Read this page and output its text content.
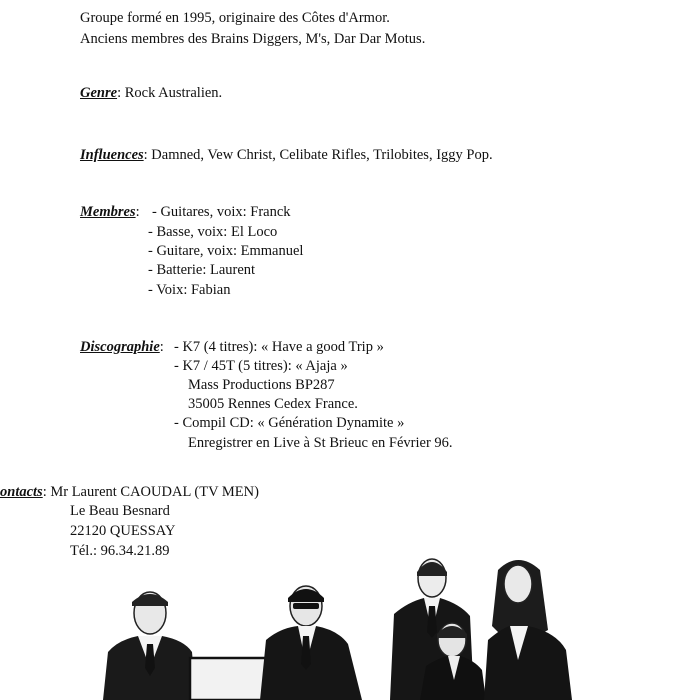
Groupe formé en 1995, originaire des Côtes d'Armor.
Anciens membres des Brains Diggers, M's, Dar Dar Motus.
Genre: Rock Australien.
Influences: Damned, Vew Christ, Celibate Rifles, Trilobites, Iggy Pop.
Membres: - Guitares, voix: Franck
- Basse, voix: El Loco
- Guitare, voix: Emmanuel
- Batterie: Laurent
- Voix: Fabian
Discographie: - K7 (4 titres): « Have a good Trip »
- K7 / 45T (5 titres): « Ajaja »
Mass Productions BP287
35005 Rennes Cedex France.
- Compil CD: « Génération Dynamite »
Enregistrer en Live à St Brieuc en Février 96.
ontacts: Mr Laurent CAOUDAL (TV MEN)
Le Beau Besnard
22120 QUESSAY
Tél.: 96.34.21.89
